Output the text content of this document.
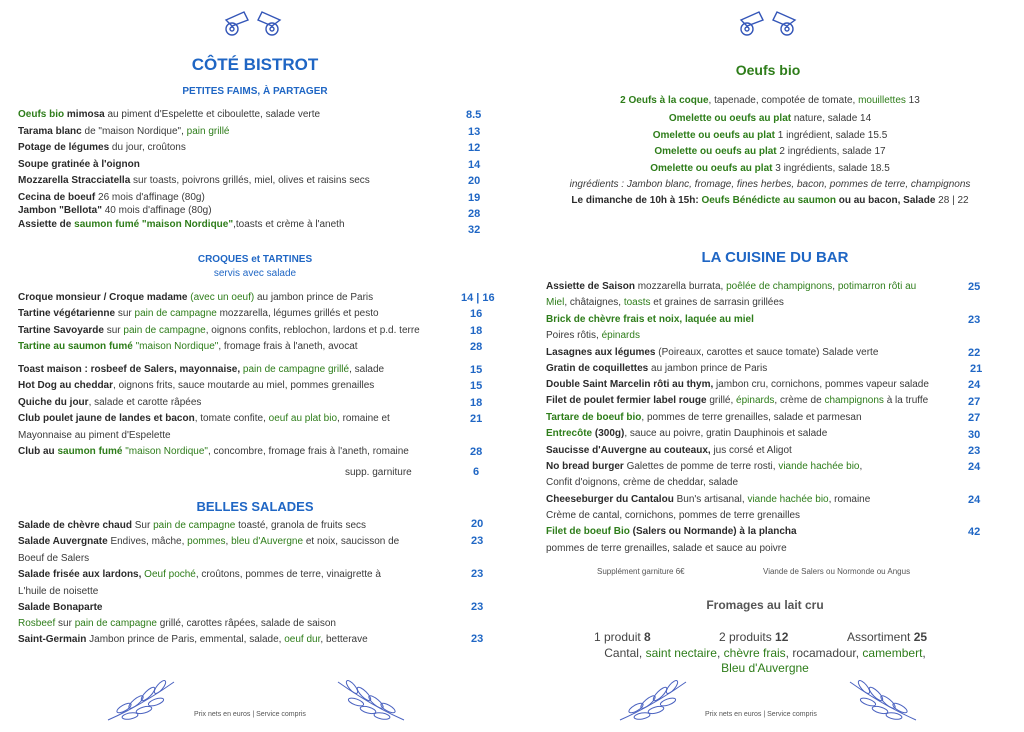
CÔTÉ BISTROT
PETITES FAIMS, À PARTAGER
Oeufs bio mimosa au piment d'Espelette et ciboulette, salade verte	8.5
Tarama blanc de "maison Nordique", pain grillé	13
Potage de légumes du jour, croûtons	12
Soupe gratinée à l'oignon	14
Mozzarella Stracciatella sur toasts, poivrons grillés, miel, olives et raisins secs	20
Cecina de boeuf 26 mois d'affinage (80g)	19
Jambon "Bellota" 40 mois d'affinage (80g)	28
Assiette de saumon fumé "maison Nordique",toasts et crème à l'aneth	32
CROQUES et TARTINES
servis avec salade
Croque monsieur / Croque madame (avec un oeuf) au jambon prince de Paris	14 | 16
Tartine végétarienne sur pain de campagne mozzarella, légumes grillés et pesto	16
Tartine Savoyarde sur pain de campagne, oignons confits, reblochon, lardons et p.d. terre	18
Tartine au saumon fumé "maison Nordique", fromage frais à l'aneth, avocat	28
Toast maison : rosbeef de Salers, mayonnaise, pain de campagne grillé, salade	15
Hot Dog au cheddar, oignons frits, sauce moutarde au miel, pommes grenailles	15
Quiche du jour, salade et carotte râpées	18
Club poulet jaune de landes et bacon, tomate confite, oeuf au plat bio, romaine et	21
Mayonnaise au piment d'Espelette
Club au saumon fumé "maison Nordique", concombre, fromage frais à l'aneth, romaine	28
supp. garniture	6
BELLES SALADES
Salade de chèvre chaud Sur pain de campagne toasté, granola de fruits secs	20
Salade Auvergnate Endives, mâche, pommes, bleu d'Auvergne et noix, saucisson de	23
Boeuf de Salers
Salade frisée aux lardons, Oeuf poché, croûtons, pommes de terre, vinaigrette à	23
L'huile de noisette
Salade Bonaparte	23
Rosbeef sur pain de campagne grillé, carottes râpées, salade de saison
Saint-Germain Jambon prince de Paris, emmental, salade, oeuf dur, betterave	23
Prix nets en euros | Service compris
Oeufs bio
2 Oeufs à la coque, tapenade, compotée de tomate, mouillettes 13
Omelette ou oeufs au plat nature, salade 14
Omelette ou oeufs au plat 1 ingrédient, salade 15.5
Omelette ou oeufs au plat 2 ingrédients, salade 17
Omelette ou oeufs au plat 3 ingrédients, salade 18.5
ingrédients : Jambon blanc, fromage, fines herbes, bacon, pommes de terre, champignons
Le dimanche de 10h à 15h: Oeufs Bénédicte au saumon ou au bacon, Salade 28 | 22
LA CUISINE DU BAR
Assiette de Saison mozzarella burrata, poêlée de champignons, potimarron rôti au	25
Miel, châtaignes, toasts et graines de sarrasin grillées
Brick de chèvre frais et noix, laquée au miel	23
Poires rôtis, épinards
Lasagnes aux légumes (Poireaux, carottes et sauce tomate) Salade verte	22
Gratin de coquillettes au jambon prince de Paris	21
Double Saint Marcelin rôti au thym, jambon cru, cornichons, pommes vapeur salade	24
Filet de poulet fermier label rouge grillé, épinards, crème de champignons à la truffe	27
Tartare de boeuf bio, pommes de terre grenailles, salade et parmesan	27
Entrecôte (300g), sauce au poivre, gratin Dauphinois et salade	30
Saucisse d'Auvergne au couteaux, jus corsé et Aligot	23
No bread burger Galettes de pomme de terre rosti, viande hachée bio,	24
Confit d'oignons, crème de cheddar, salade
Cheeseburger du Cantalou Bun's artisanal, viande hachée bio, romaine	24
Crème de cantal, cornichons, pommes de terre grenailles
Filet de boeuf Bio (Salers ou Normande) à la plancha	42
pommes de terre grenailles, salade et sauce au poivre
Supplément garniture 6€	Viande de Salers ou Normonde ou Angus
Fromages au lait cru
1 produit 8	2 produits 12	Assortiment 25
Cantal, saint nectaire, chèvre frais, rocamadour, camembert,
Bleu d'Auvergne
Prix nets en euros | Service compris
